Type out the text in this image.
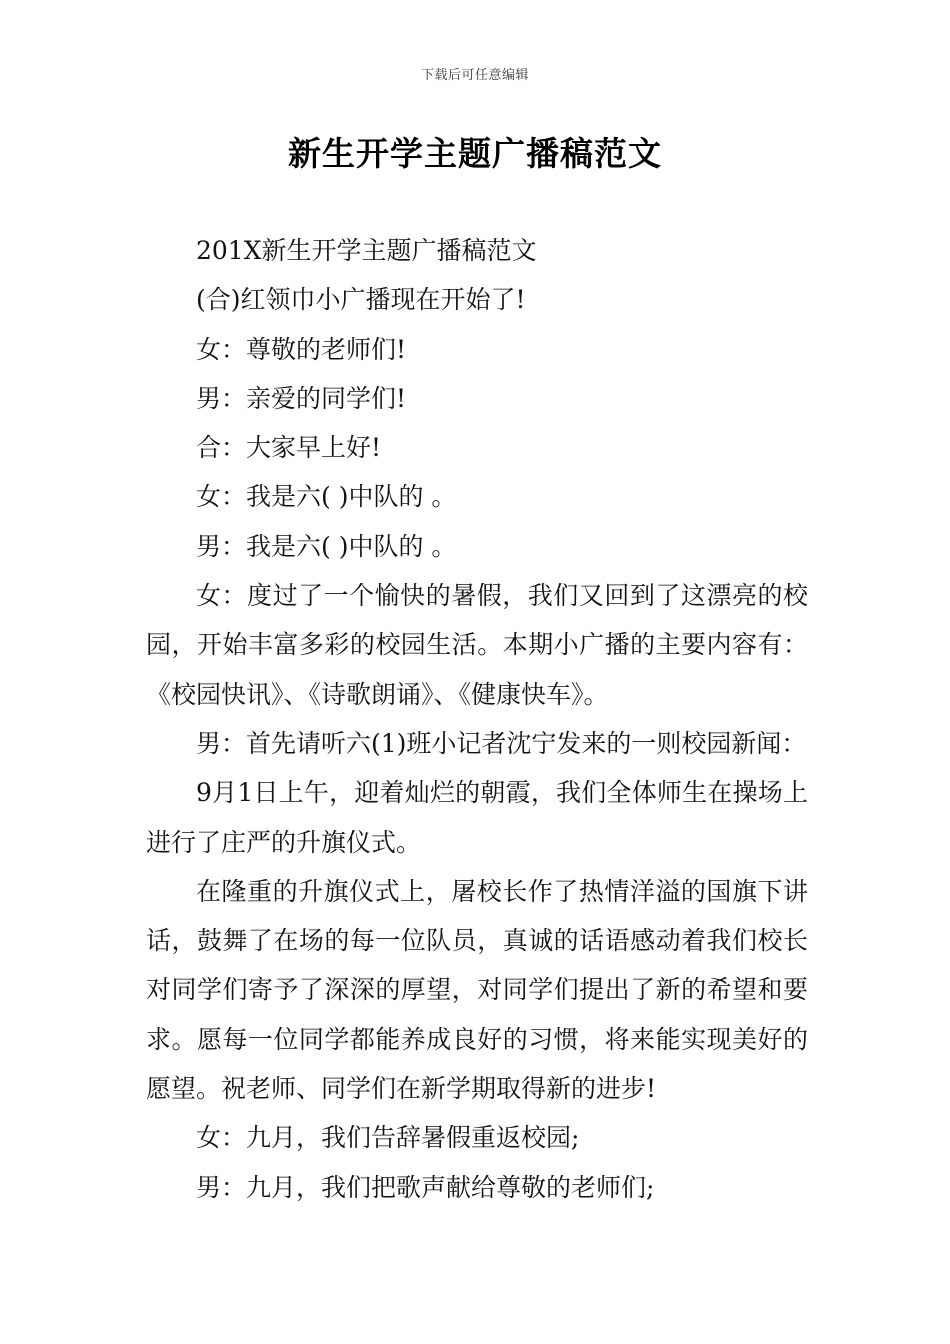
下载后可任意编辑
新生开学主题广播稿范文

201X新生开学主题广播稿范文

(合)红领巾小广播现在开始了!

女：尊敬的老师们!

男：亲爱的同学们!

合：大家早上好!

女：我是六( )中队的 。

男：我是六( )中队的 。

女：度过了一个愉快的暑假，我们又回到了这漂亮的校园，开始丰富多彩的校园生活。本期小广播的主要内容有：《校园快讯》、《诗歌朗诵》、《健康快车》。

男：首先请听六(1)班小记者沈宁发来的一则校园新闻：

9月1日上午，迎着灿烂的朝霞，我们全体师生在操场上进行了庄严的升旗仪式。

在隆重的升旗仪式上，屠校长作了热情洋溢的国旗下讲话，鼓舞了在场的每一位队员，真诚的话语感动着我们校长对同学们寄予了深深的厚望，对同学们提出了新的希望和要求。愿每一位同学都能养成良好的习惯，将来能实现美好的愿望。祝老师、同学们在新学期取得新的进步!

女：九月，我们告辞暑假重返校园;

男：九月，我们把歌声献给尊敬的老师们;
